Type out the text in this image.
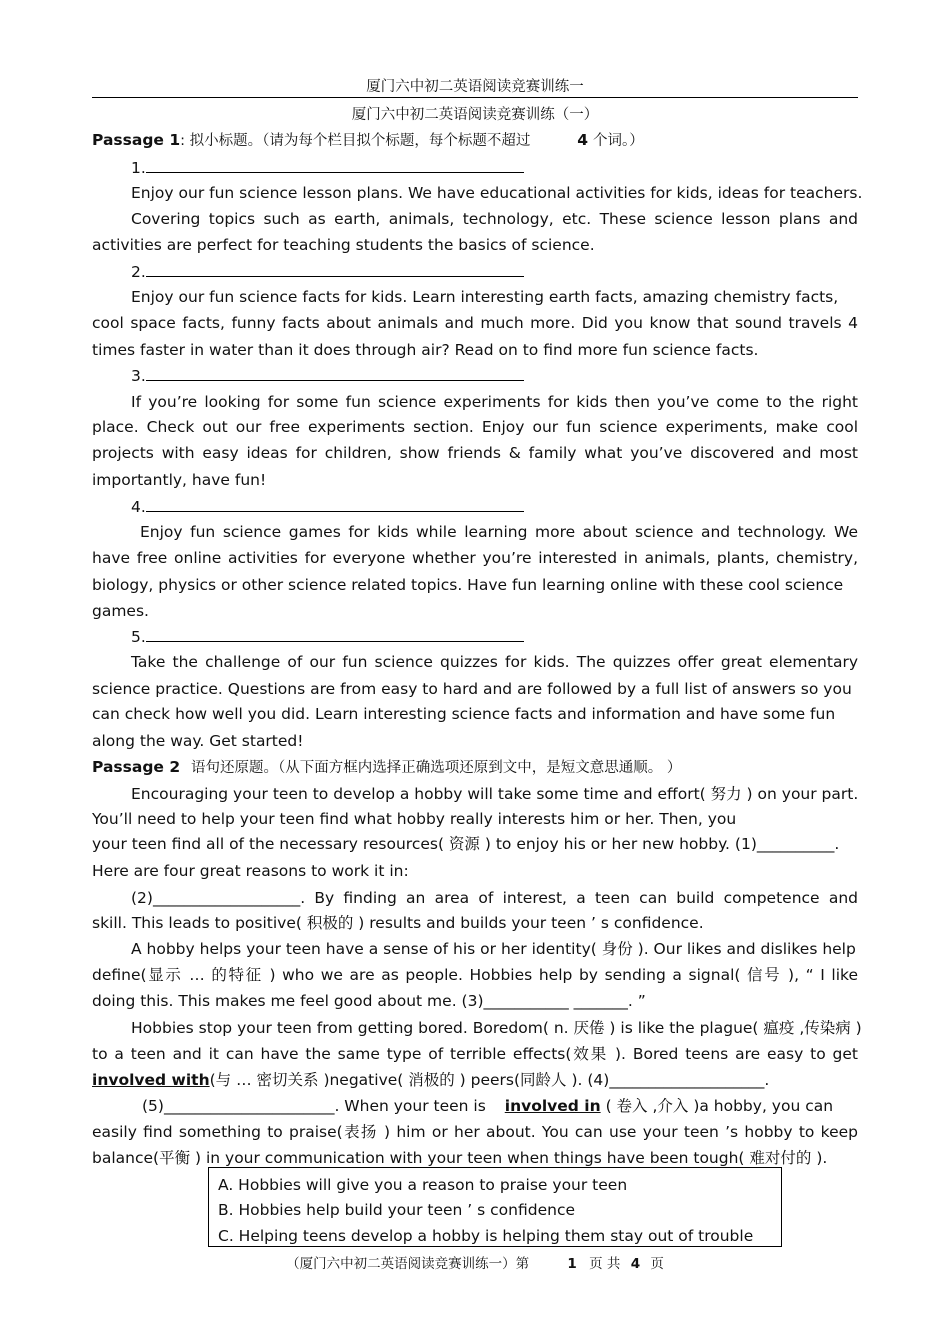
厦门六中初二英语阅读竞赛训练一
厦门六中初二英语阅读竞赛训练（一）
Passage 1: 拟小标题。（请为每个栏目拟个标题，每个标题不超过	4 个词。）
1.
Enjoy our fun science lesson plans. We have educational activities for kids, ideas for teachers.
Covering topics such as earth, animals, technology, etc. These science lesson plans and
activities are perfect for teaching students the basics of science.
2.
Enjoy our fun science facts for kids. Learn interesting earth facts, amazing chemistry facts,
cool space facts, funny facts about animals and much more. Did you know that sound travels 4
times faster in water than it does through air? Read on to find more fun science facts.
3.
If you’re looking for some fun science experiments for kids then you’ve come to the right
place. Check out our free experiments section. Enjoy our fun science experiments, make cool
projects with easy ideas for children, show friends & family what you’ve discovered and most
importantly, have fun!
4.
Enjoy fun science games for kids while learning more about science and technology. We
have free online activities for everyone whether you’re interested in animals, plants, chemistry,
biology, physics or other science related topics. Have fun learning online with these cool science
games.
5.
Take the challenge of our fun science quizzes for kids. The quizzes offer great elementary
science practice. Questions are from easy to hard and are followed by a full list of answers so you
can check how well you did. Learn interesting science facts and information and have some fun
along the way. Get started!
Passage 2 语句还原题。（从下面方框内选择正确选项还原到文中，是短文意思通顺。 ）
Encouraging your teen to develop a hobby will take some time and effort( 努力 ) on your part.
You’ll need to help your teen find what hobby really interests him or her. Then, you
your teen find all of the necessary resources( 资源 ) to enjoy his or her new hobby. (1)__________.
Here are four great reasons to work it in:
(2)___________________. By finding an area of interest, a teen can build competence and
skill. This leads to positive( 积极的 ) results and builds your teen ’ s confidence.
A hobby helps your teen have a sense of his or her identity( 身份 ). Our likes and dislikes help
define(显示 … 的特征 ) who we are as people. Hobbies help by sending a signal( 信号 ), “ I like
doing this. This makes me feel good about me. (3)___________ _______. ”
Hobbies stop your teen from getting bored. Boredom( n. 厌倦 ) is like the plague( 瘟疫 ,传染病 )
to a teen and it can have the same type of terrible effects(效果 ). Bored teens are easy to get
involved with(与 … 密切关系 )negative( 消极的 ) peers(同龄人 ). (4)____________________.
(5)______________________. When your teen is involved in ( 卷入 ,介入 )a hobby, you can
easily find something to praise(表扬 ) him or her about. You can use your teen ’s hobby to keep
balance(平衡 ) in your communication with your teen when things have been tough( 难对付的 ).
A. Hobbies will give you a reason to praise your teen
B. Hobbies help build your teen ’ s confidence
C. Helping teens develop a hobby is helping them stay out of trouble
（厦门六中初二英语阅读竞赛训练一）第	1 页 共 4 页
